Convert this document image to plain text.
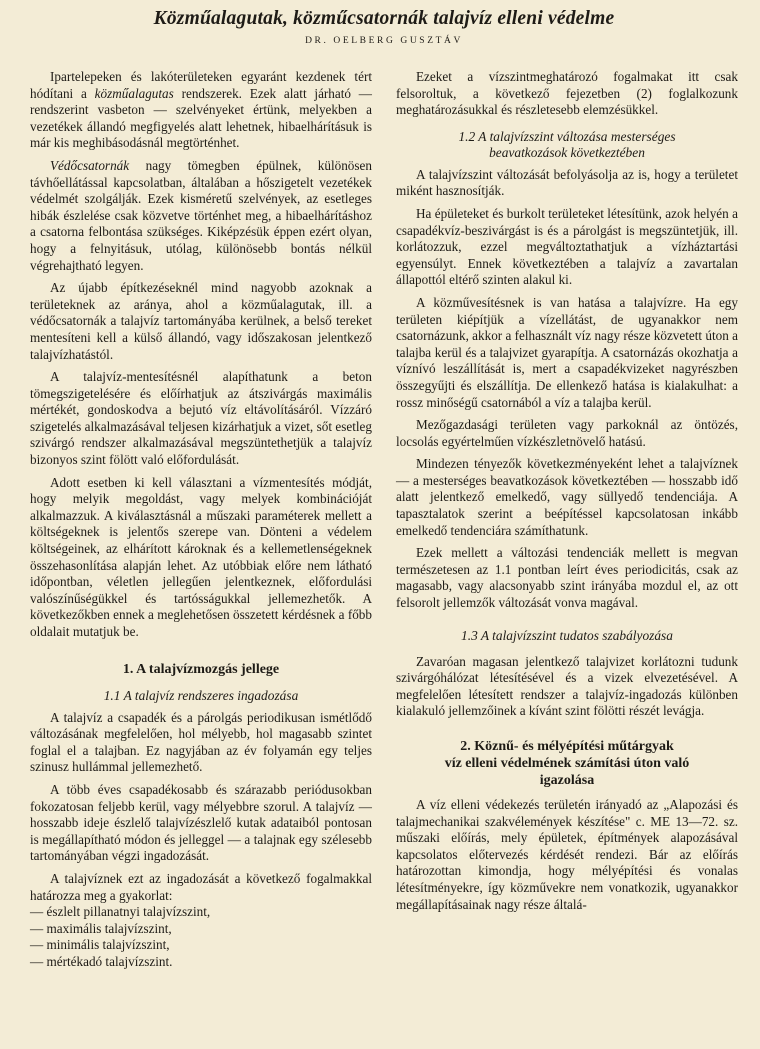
Közműalagutak, közműcsatornák talajvíz elleni védelme
DR. OELBERG GUSZTÁV

Ipartelepeken és lakóterületeken egyaránt kezdenek tért hódítani a közműalagutas rendszerek. Ezek alatt járható — rendszerint vasbeton — szelvényeket értünk, melyekben a vezetékek állandó megfigyelés alatt lehetnek, hibaelhárításuk is már kis meghibásodásnál megtörténhet.

Védőcsatornák nagy tömegben épülnek, különösen távhőellátással kapcsolatban, általában a hőszigetelt vezetékek védelmét szolgálják. Ezek kisméretű szelvények, az esetleges hibák észlelése csak közvetve történhet meg, a hibaelhárításhoz a csatorna felbontása szükséges. Kiképzésük éppen ezért olyan, hogy a felnyitásuk, utólag, különösebb bontás nélkül végrehajtható legyen.

Az újabb építkezéseknél mind nagyobb azoknak a területeknek az aránya, ahol a közműalagutak, ill. a védőcsatornák a talajvíz tartományába kerülnek, a belső tereket mentesíteni kell a külső állandó, vagy időszakosan jelentkező talajvízhatástól.

A talajvíz-mentesítésnél alapíthatunk a beton tömegszigetelésére és előírhatjuk az átszivárgás maximális mértékét, gondoskodva a bejutó víz eltávolításáról. Vízzáró szigetelés alkalmazásával teljesen kizárhatjuk a vizet, sőt esetleg szivárgó rendszer alkalmazásával megszüntethetjük a talajvíz bizonyos szint fölött való előfordulását.

Adott esetben ki kell választani a vízmentesítés módját, hogy melyik megoldást, vagy melyek kombinációját alkalmazzuk. A kiválasztásnál a műszaki paraméterek mellett a költségeknek is jelentős szerepe van. Dönteni a védelem költségeinek, az elhárított károknak és a kellemetlenségeknek összehasonlítása alapján lehet. Az utóbbiak előre nem látható időpontban, véletlen jellegűen jelentkeznek, előfordulási valószínűségükkel és tartósságukkal jellemezhetők. A következőkben ennek a meglehetősen összetett kérdésnek a főbb oldalait mutatjuk be.

1. A talajvízmozgás jellege
1.1 A talajvíz rendszeres ingadozása

A talajvíz a csapadék és a párolgás periodikusan ismétlődő változásának megfelelően, hol mélyebb, hol magasabb szintet foglal el a talajban. Ez nagyjában az év folyamán egy teljes szinusz hullámmal jellemezhető.

A több éves csapadékosabb és szárazabb periódusokban fokozatosan feljebb kerül, vagy mélyebbre szorul. A talajvíz — hosszabb ideje észlelő talajvízészlelő kutak adataiból pontosan is megállapítható módon és jelleggel — a talajnak egy szélesebb tartományában végzi ingadozását.

A talajvíznek ezt az ingadozását a következő fogalmakkal határozza meg a gyakorlat:

— észlelt pillanatnyi talajvízszint,

— maximális talajvízszint,

— minimális talajvízszint,

— mértékadó talajvízszint.

Ezeket a vízszintmeghatározó fogalmakat itt csak felsoroltuk, a következő fejezetben (2) foglalkozunk meghatározásukkal és részletesebb elemzésükkel.

1.2 A talajvízszint változása mesterséges
beavatkozások következtében

A talajvízszint változását befolyásolja az is, hogy a területet miként hasznosítják.

Ha épületeket és burkolt területeket létesítünk, azok helyén a csapadékvíz-beszivárgást is és a párolgást is megszüntetjük, ill. korlátozzuk, ezzel megváltoztathatjuk a vízháztartási egyensúlyt. Ennek következtében a talajvíz a zavartalan állapottól eltérő szinten alakul ki.

A közművesítésnek is van hatása a talajvízre. Ha egy területen kiépítjük a vízellátást, de ugyanakkor nem csatornázunk, akkor a felhasznált víz nagy része közvetett úton a talajba kerül és a talajvizet gyarapítja. A csatornázás okozhatja a víznívó leszállítását is, mert a csapadékvizeket nagyrészben összegyűjti és elszállítja. De ellenkező hatása is kialakulhat: a rossz minőségű csatornából a víz a talajba kerül.

Mezőgazdasági területen vagy parkoknál az öntözés, locsolás egyértelműen vízkészletnövelő hatású.

Mindezen tényezők következményeként lehet a talajvíznek — a mesterséges beavatkozások következtében — hosszabb idő alatt jelentkező emelkedő, vagy süllyedő tendenciája. A tapasztalatok szerint a beépítéssel kapcsolatosan inkább emelkedő tendenciára számíthatunk.

Ezek mellett a változási tendenciák mellett is megvan természetesen az 1.1 pontban leírt éves periodicitás, csak az magasabb, vagy alacsonyabb szint irányába mozdul el, az ott felsorolt jellemzők változását vonva magával.

1.3 A talajvízszint tudatos szabályozása

Zavaróan magasan jelentkező talajvizet korlátozni tudunk szivárgóhálózat létesítésével és a vizek elvezetésével. A megfelelően létesített rendszer a talajvíz-ingadozás különben kialakuló jellemzőinek a kívánt szint fölötti részét levágja.

2. Köznű- és mélyépítési műtárgyak
víz elleni védelmének számítási úton való
igazolása

A víz elleni védekezés területén irányadó az „Alapozási és talajmechanikai szakvélemények készítése" c. ME 13—72. sz. műszaki előírás, mely épületek, építmények alapozásával kapcsolatos előtervezés kérdését rendezi. Bár az előírás határozottan kimondja, hogy mélyépítési és vonalas létesítményekre, így közművekre nem vonatkozik, ugyanakkor megállapításainak nagy része általá-
